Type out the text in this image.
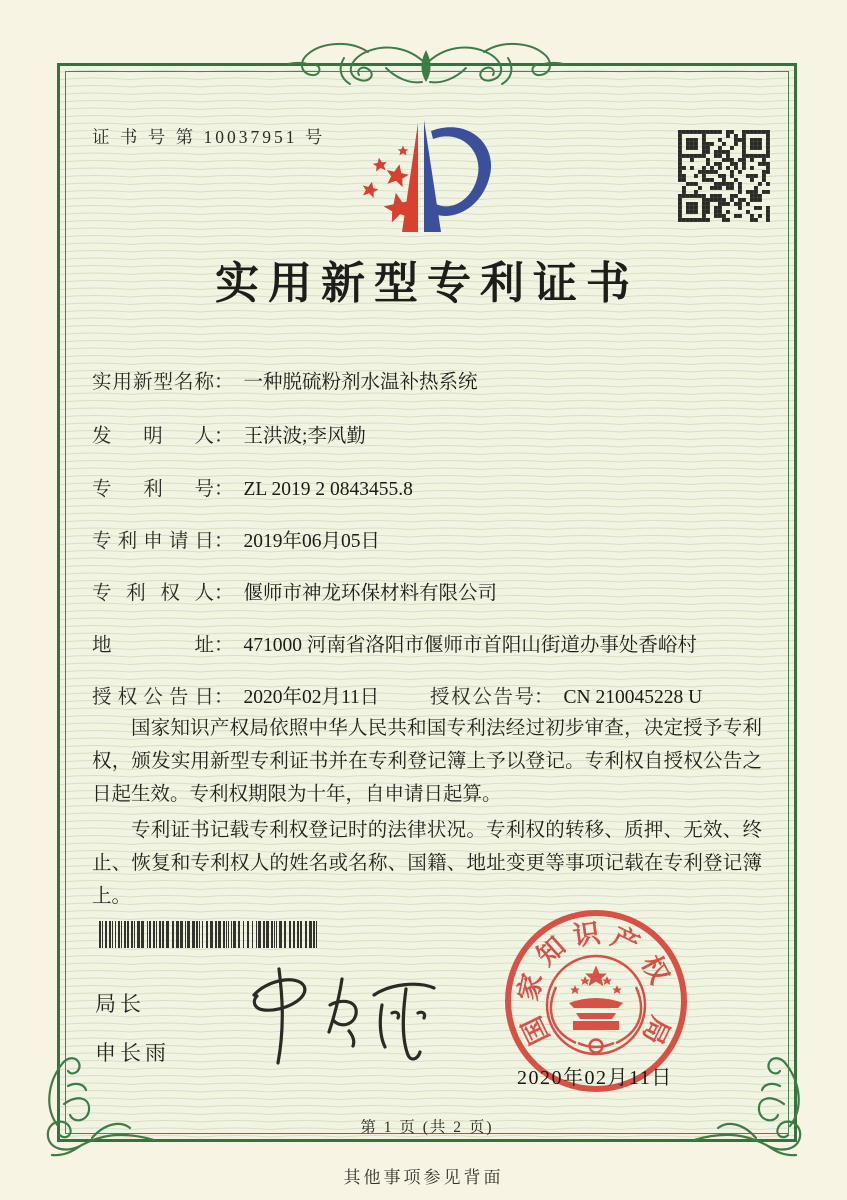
证 书 号 第 10037951 号
实用新型专利证书
实用新型名称： 一种脱硫粉剂水温补热系统
发明人： 王洪波;李风勤
专利号： ZL 2019 2 0843455.8
专利申请日： 2019年06月05日
专利权人： 偃师市神龙环保材料有限公司
地址： 471000 河南省洛阳市偃师市首阳山街道办事处香峪村
授权公告日： 2020年02月11日	授权公告号： CN 210045228 U

国家知识产权局依照中华人民共和国专利法经过初步审查，决定授予专利权，颁发实用新型专利证书并在专利登记簿上予以登记。专利权自授权公告之日起生效。专利权期限为十年，自申请日起算。

专利证书记载专利权登记时的法律状况。专利权的转移、质押、无效、终止、恢复和专利权人的姓名或名称、国籍、地址变更等事项记载在专利登记簿上。

局长
申长雨
国
家
知 识 产
权
局
2020年02月11日
第 1 页 (共 2 页)
其他事项参见背面
